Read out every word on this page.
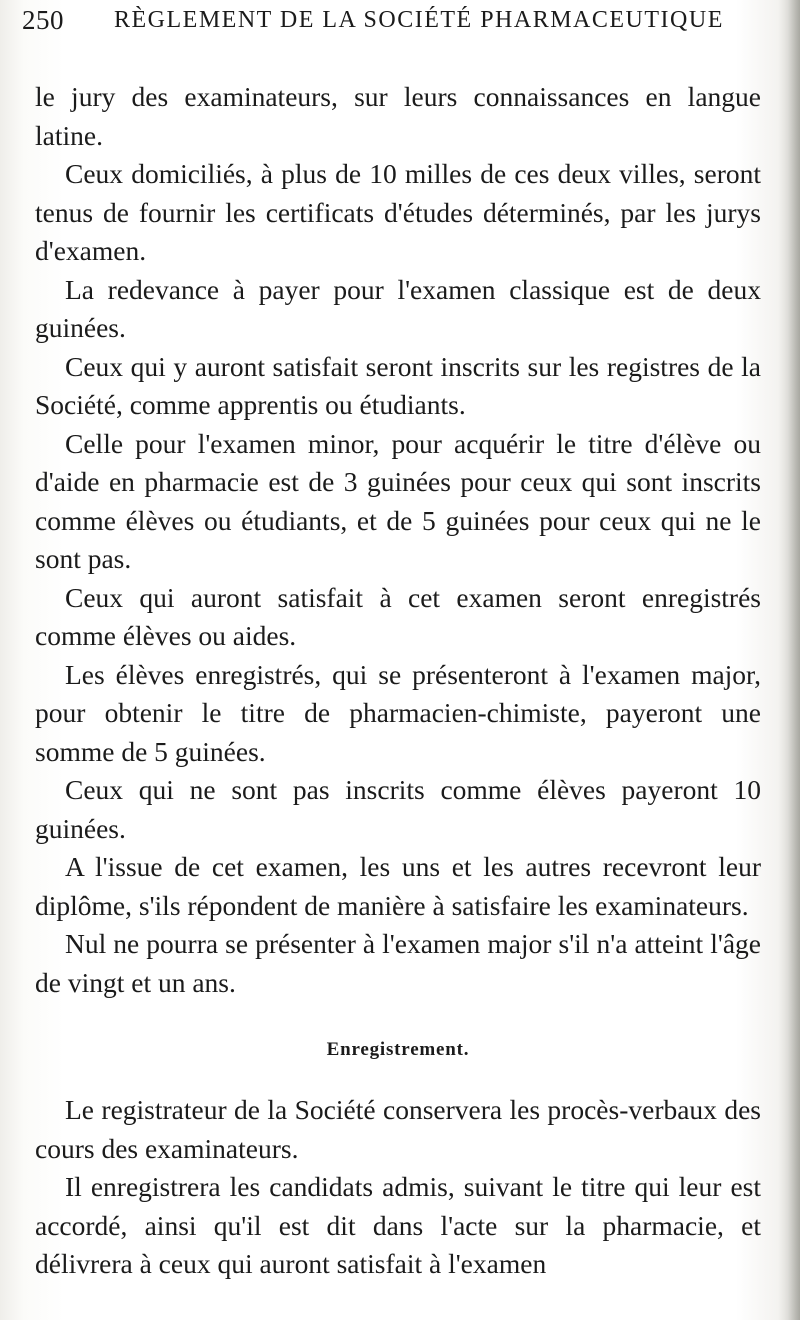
250 RÈGLEMENT DE LA SOCIÉTÉ PHARMACEUTIQUE

le jury des examinateurs, sur leurs connaissances en langue latine.

Ceux domiciliés, à plus de 10 milles de ces deux villes, seront tenus de fournir les certificats d'études déterminés, par les jurys d'examen.

La redevance à payer pour l'examen classique est de deux guinées.

Ceux qui y auront satisfait seront inscrits sur les registres de la Société, comme apprentis ou étudiants.

Celle pour l'examen minor, pour acquérir le titre d'élève ou d'aide en pharmacie est de 3 guinées pour ceux qui sont inscrits comme élèves ou étudiants, et de 5 guinées pour ceux qui ne le sont pas.

Ceux qui auront satisfait à cet examen seront enregistrés comme élèves ou aides.

Les élèves enregistrés, qui se présenteront à l'examen major, pour obtenir le titre de pharmacien-chimiste, payeront une somme de 5 guinées.

Ceux qui ne sont pas inscrits comme élèves payeront 10 guinées.

A l'issue de cet examen, les uns et les autres recevront leur diplôme, s'ils répondent de manière à satisfaire les examinateurs.

Nul ne pourra se présenter à l'examen major s'il n'a atteint l'âge de vingt et un ans.

Enregistrement.

Le registrateur de la Société conservera les procès-verbaux des cours des examinateurs.

Il enregistrera les candidats admis, suivant le titre qui leur est accordé, ainsi qu'il est dit dans l'acte sur la pharmacie, et délivrera à ceux qui auront satisfait à l'examen
